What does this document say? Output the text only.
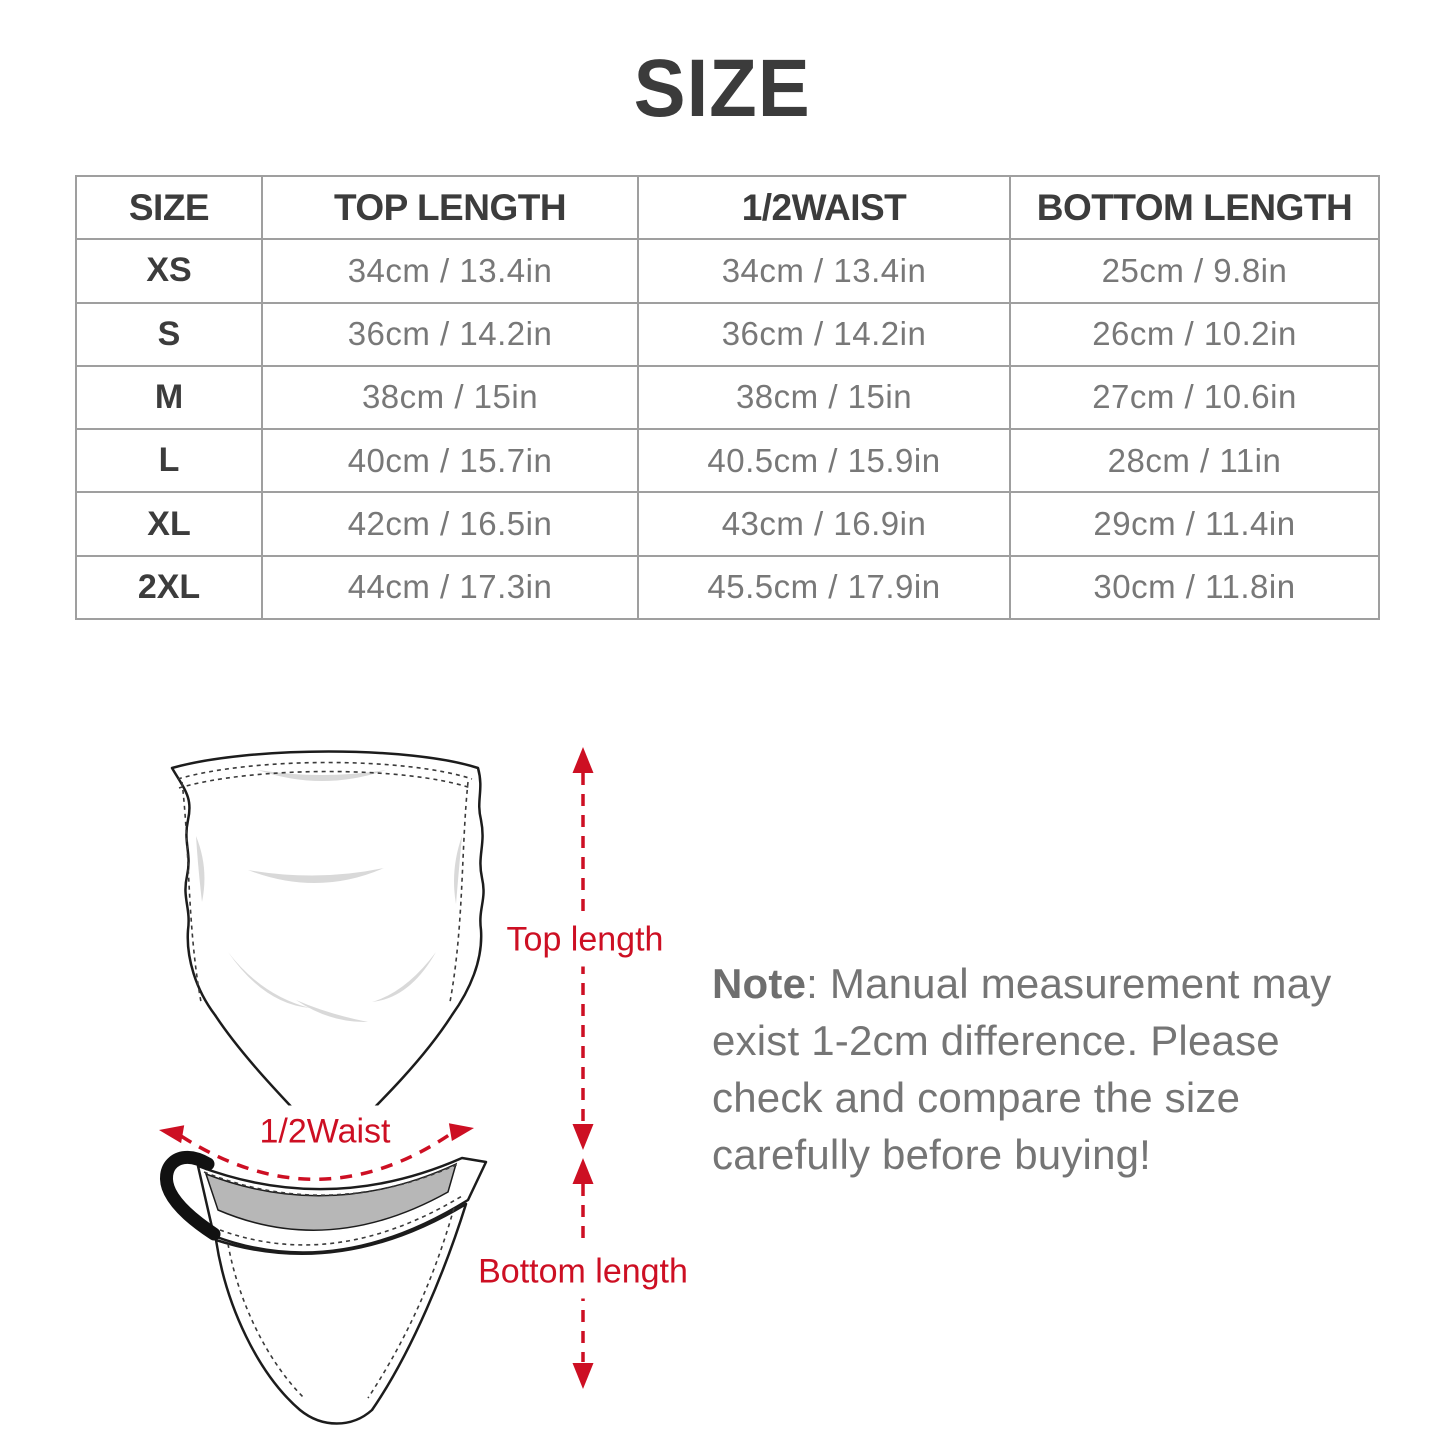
SIZE
SIZE	TOP LENGTH	1/2WAIST	BOTTOM LENGTH
XS	34cm / 13.4in	34cm / 13.4in	25cm / 9.8in
S	36cm / 14.2in	36cm / 14.2in	26cm / 10.2in
M	38cm / 15in	38cm / 15in	27cm / 10.6in
L	40cm / 15.7in	40.5cm / 15.9in	28cm / 11in
XL	42cm / 16.5in	43cm / 16.9in	29cm / 11.4in
2XL	44cm / 17.3in	45.5cm / 17.9in	30cm / 11.8in
Top length
1/2Waist
Bottom length
Note: Manual measurement may
exist 1-2cm difference. Please
check and compare the size
carefully before buying!
